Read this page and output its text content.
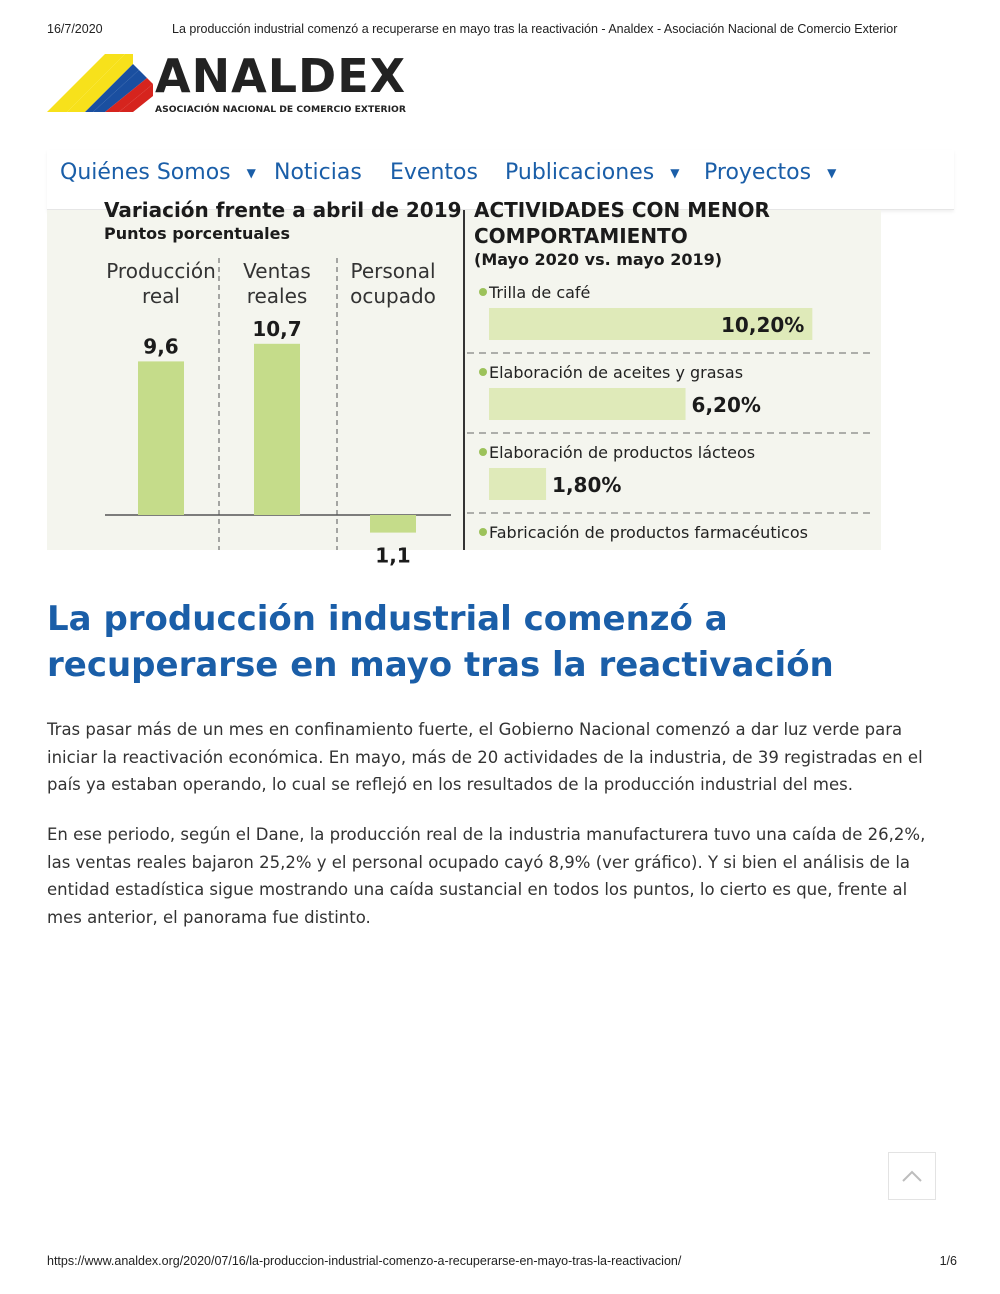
16/7/2020	La producción industrial comenzó a recuperarse en mayo tras la reactivación - Analdex - Asociación Nacional de Comercio Exterior
ANALDEX
ASOCIACIÓN NACIONAL DE COMERCIO EXTERIOR
Quiénes Somos ▼ Noticias Eventos Publicaciones ▼ Proyectos ▼
Variación frente a abril de 2019
Puntos porcentuales
ACTIVIDADES CON MENOR
COMPORTAMIENTO
(Mayo 2020 vs. mayo 2019)
9,6
Producción
real
10,7
Ventas
reales
1,1
Personal
ocupado	Trilla de café
10,20%
Elaboración de aceites y grasas
6,20%
Elaboración de productos lácteos
1,80%
Fabricación de productos farmacéuticos
La producción industrial comenzó a recuperarse en mayo tras la reactivación

Tras pasar más de un mes en confinamiento fuerte, el Gobierno Nacional comenzó a dar luz verde para iniciar la reactivación económica. En mayo, más de 20 actividades de la industria, de 39 registradas en el país ya estaban operando, lo cual se reflejó en los resultados de la producción industrial del mes.

En ese periodo, según el Dane, la producción real de la industria manufacturera tuvo una caída de 26,2%, las ventas reales bajaron 25,2% y el personal ocupado cayó 8,9% (ver gráfico). Y si bien el análisis de la entidad estadística sigue mostrando una caída sustancial en todos los puntos, lo cierto es que, frente al mes anterior, el panorama fue distinto.

https://www.analdex.org/2020/07/16/la-produccion-industrial-comenzo-a-recuperarse-en-mayo-tras-la-reactivacion/	1/6
